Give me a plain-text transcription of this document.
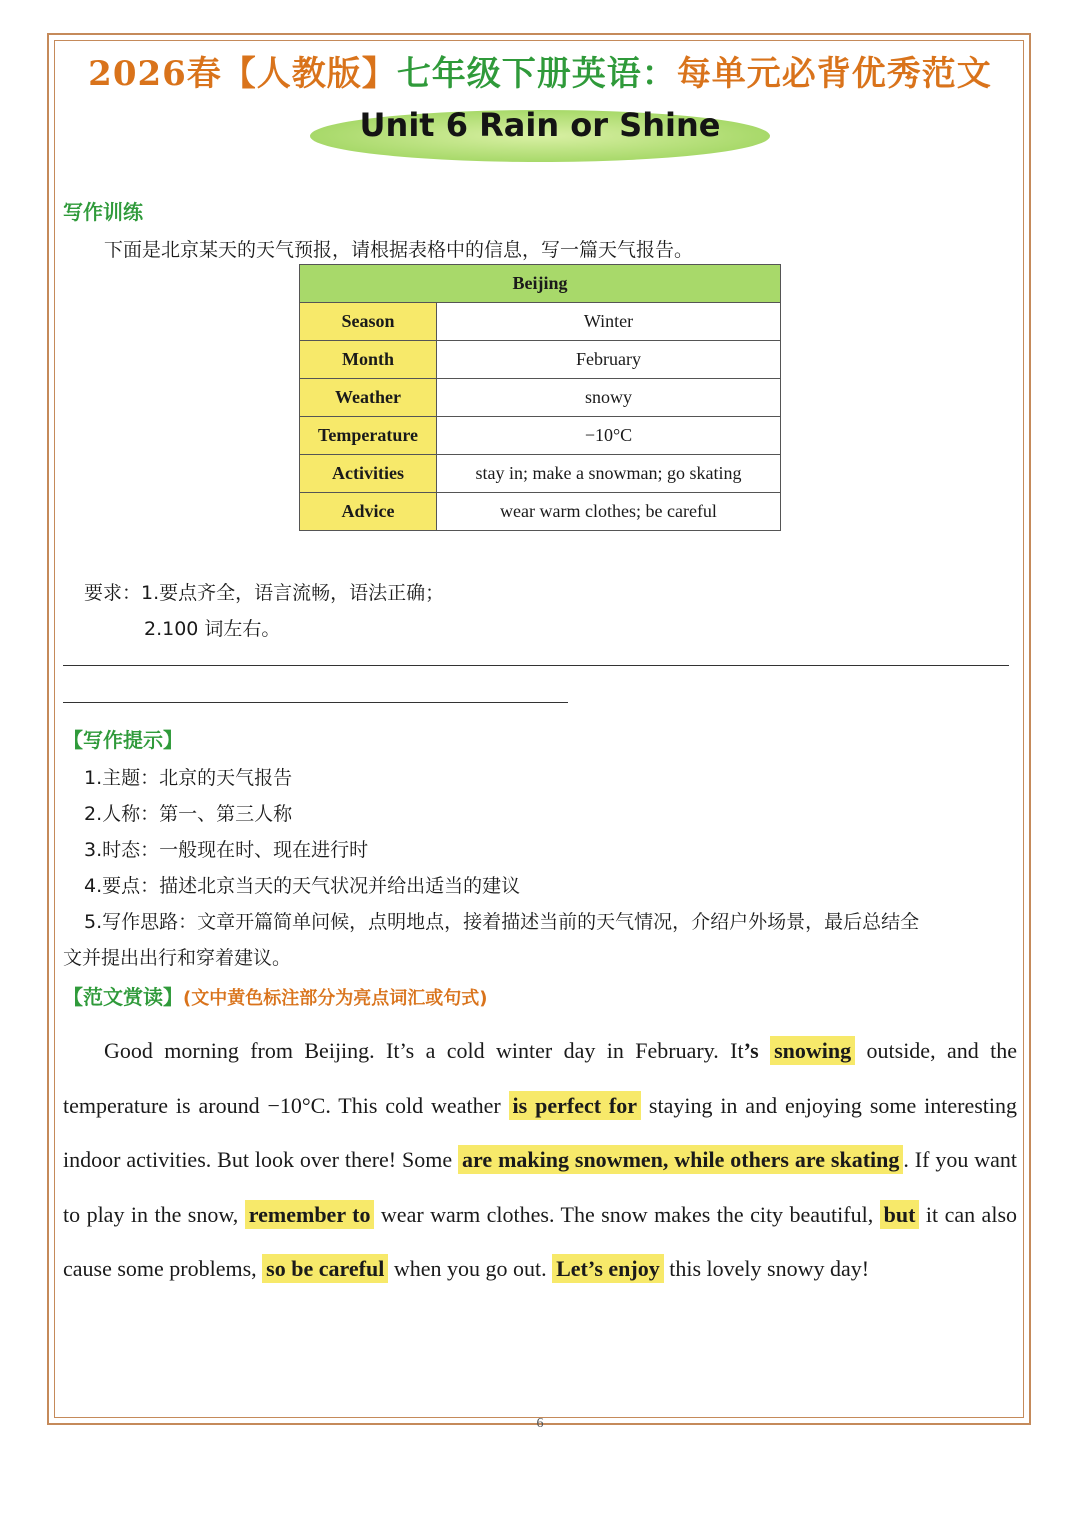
2026春【人教版】七年级下册英语：每单元必背优秀范文
Unit 6 Rain or Shine
写作训练
下面是北京某天的天气预报，请根据表格中的信息，写一篇天气报告。
Beijing	
Season	Winter
Month	February
Weather	snowy
Temperature	−10°C
Activities	stay in; make a snowman; go skating
Advice	wear warm clothes; be careful
要求：1.要点齐全，语言流畅，语法正确；
2.100 词左右。
【写作提示】
1.主题：北京的天气报告
2.人称：第一、第三人称
3.时态：一般现在时、现在进行时
4.要点：描述北京当天的天气状况并给出适当的建议
5.写作思路：文章开篇简单问候，点明地点，接着描述当前的天气情况，介绍户外场景，最后总结全
文并提出出行和穿着建议。
【范文赏读】(文中黄色标注部分为亮点词汇或句式)
Good morning from Beijing. It’s a cold winter day in February. It’s snowing outside, and the temperature is around −10°C. This cold weather is perfect for staying in and enjoying some interesting indoor activities. But look over there! Some are making snowmen, while others are skating . If you want to play in the snow, remember to wear warm clothes. The snow makes the city beautiful, but it can also cause some problems, so be careful when you go out. Let’s enjoy this lovely snowy day!
6
